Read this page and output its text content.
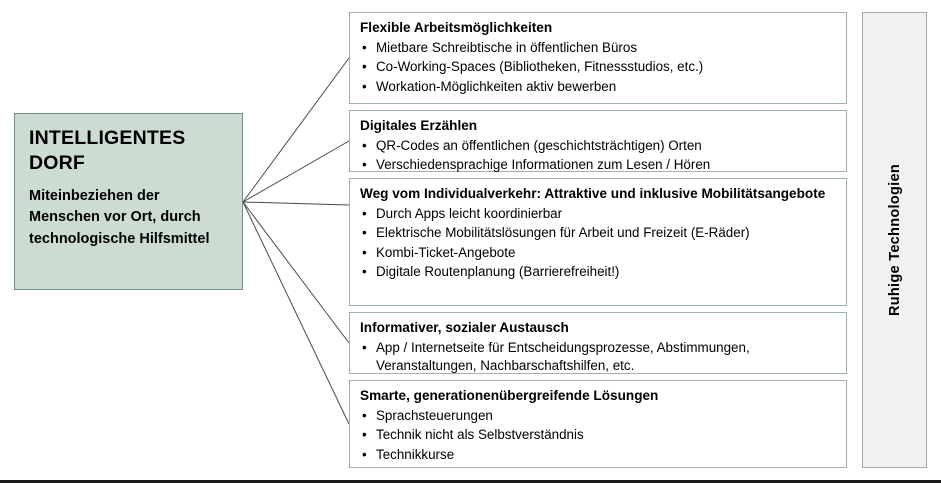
INTELLIGENTES DORF

Miteinbeziehen der Menschen vor Ort, durch technologische Hilfsmittel

Flexible Arbeitsmöglichkeiten

• Mietbare Schreibtische in öffentlichen Büros
• Co-Working-Spaces (Bibliotheken, Fitnessstudios, etc.)
• Workation-Möglichkeiten aktiv bewerben

Digitales Erzählen

• QR-Codes an öffentlichen (geschichtsträchtigen) Orten
• Verschiedensprachige Informationen zum Lesen / Hören

Weg vom Individualverkehr: Attraktive und inklusive Mobilitätsangebote

• Durch Apps leicht koordinierbar
• Elektrische Mobilitätslösungen für Arbeit und Freizeit (E-Räder)
• Kombi-Ticket-Angebote
• Digitale Routenplanung (Barrierefreiheit!)

Informativer, sozialer Austausch

• App / Internetseite für Entscheidungsprozesse, Abstimmungen, Veranstaltungen, Nachbarschaftshilfen, etc.

Smarte, generationenübergreifende Lösungen

• Sprachsteuerungen
• Technik nicht als Selbstverständnis
• Technikkurse
Ruhige Technologien
